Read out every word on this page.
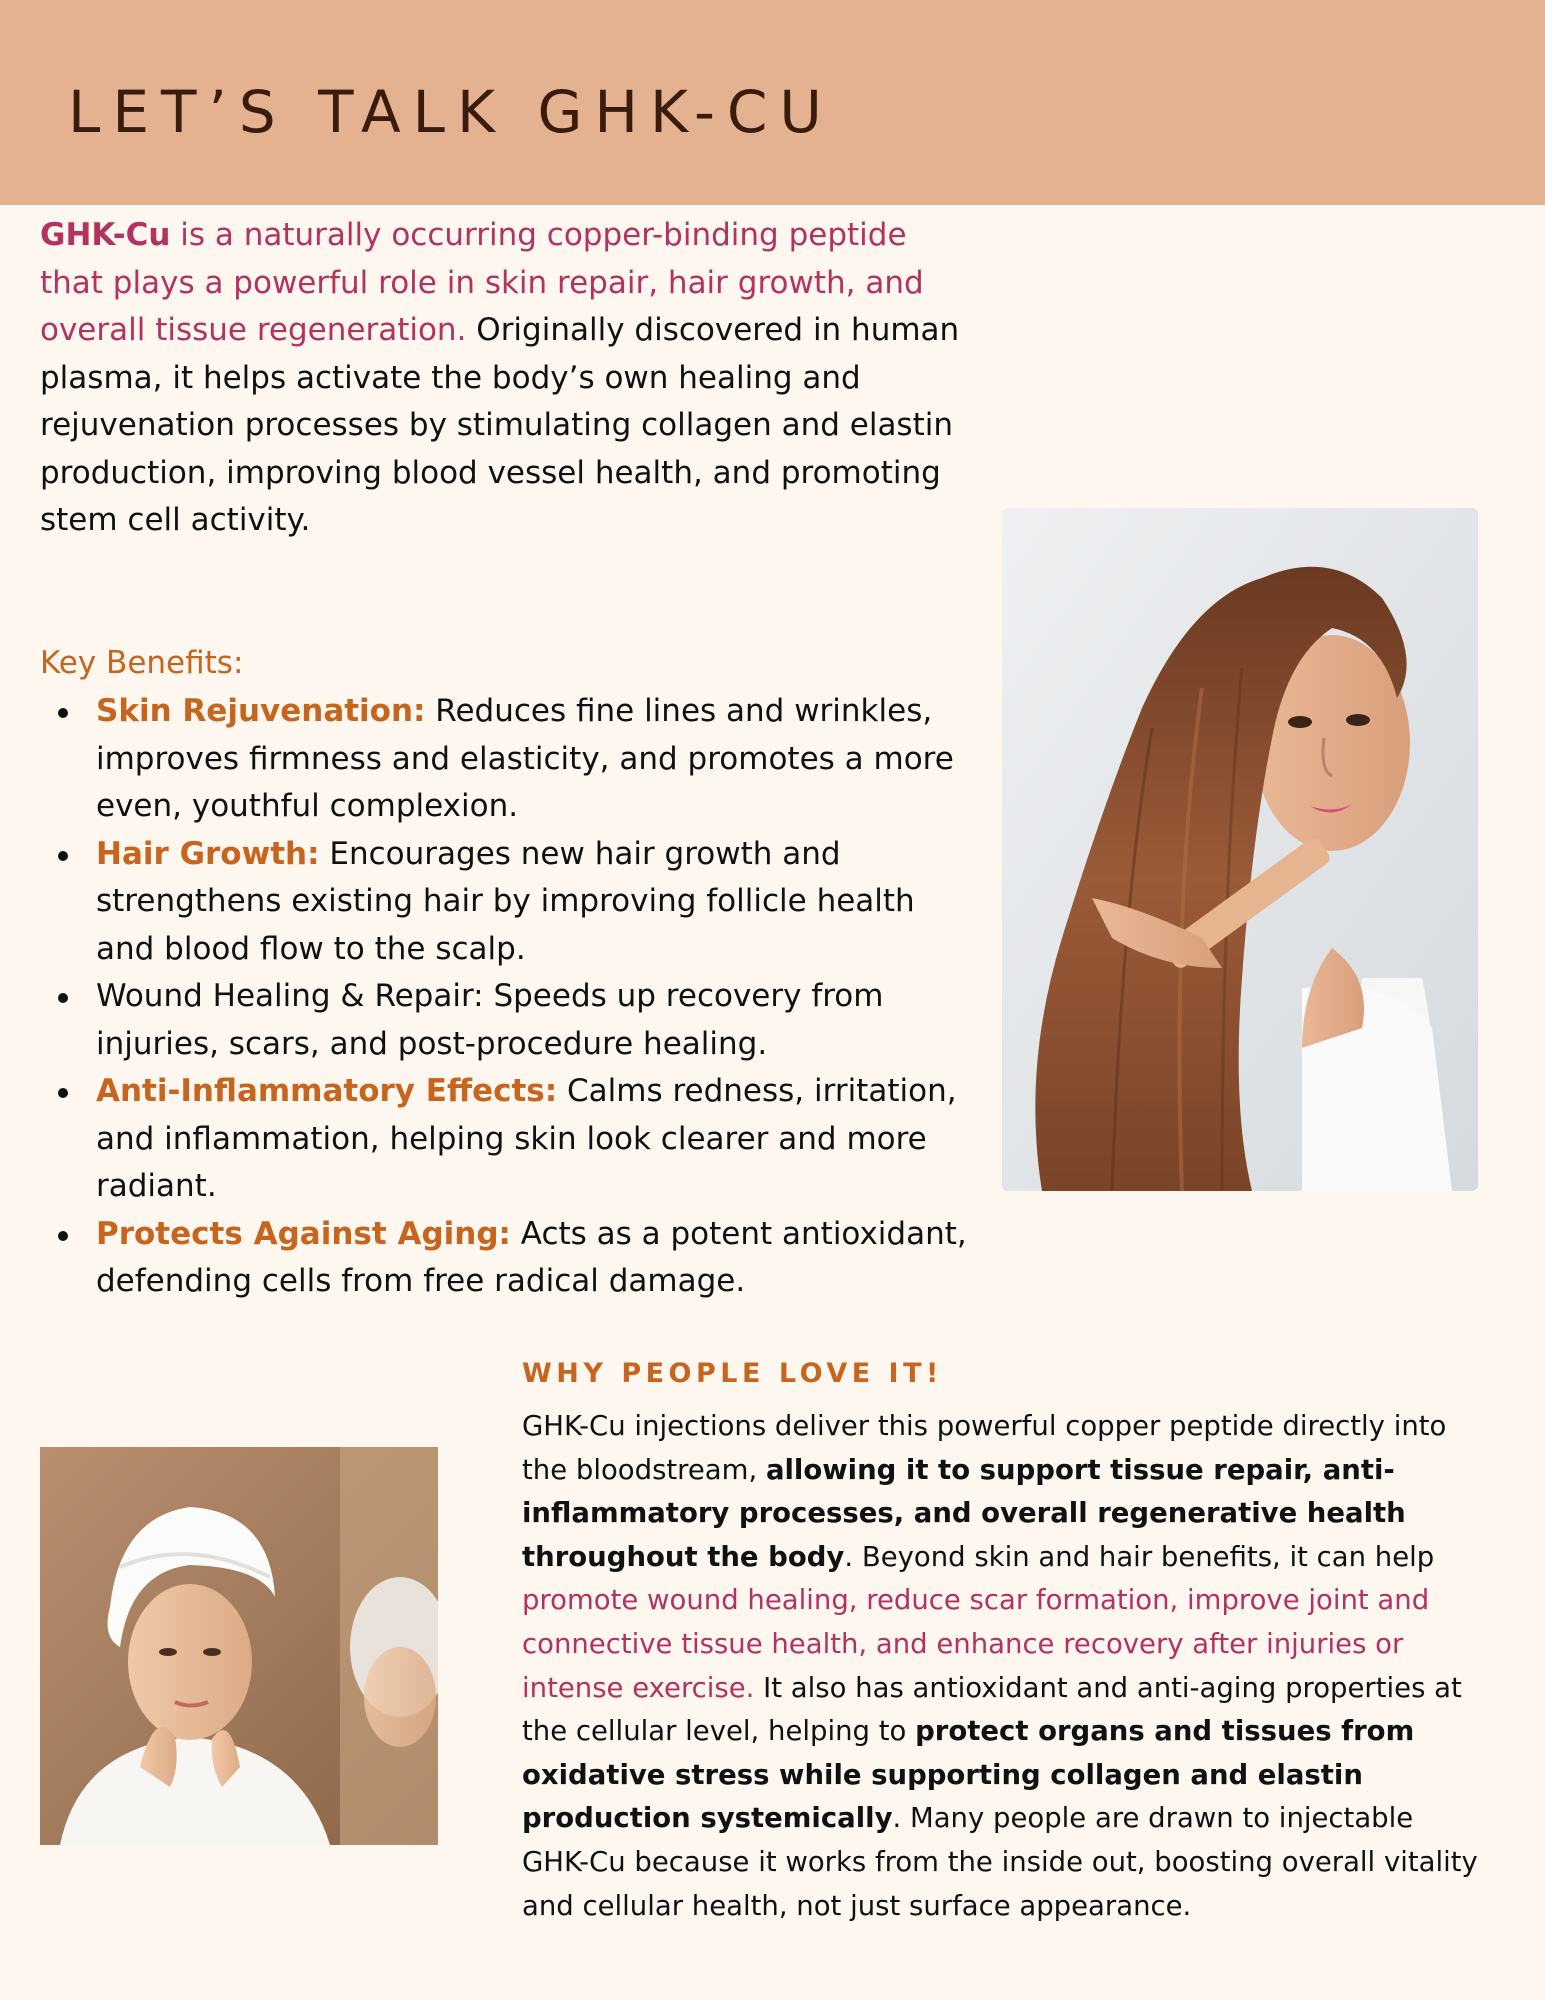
LET’S TALK GHK-CU

GHK-Cu is a naturally occurring copper-binding peptide that plays a powerful role in skin repair, hair growth, and overall tissue regeneration. Originally discovered in human plasma, it helps activate the body’s own healing and rejuvenation processes by stimulating collagen and elastin production, improving blood vessel health, and promoting stem cell activity.

Key Benefits:
Skin Rejuvenation: Reduces fine lines and wrinkles, improves firmness and elasticity, and promotes a more even, youthful complexion.
Hair Growth: Encourages new hair growth and strengthens existing hair by improving follicle health and blood flow to the scalp.
Wound Healing & Repair: Speeds up recovery from injuries, scars, and post-procedure healing.
Anti-Inflammatory Effects: Calms redness, irritation, and inflammation, helping skin look clearer and more radiant.
Protects Against Aging: Acts as a potent antioxidant, defending cells from free radical damage.
WHY PEOPLE LOVE IT!

GHK-Cu injections deliver this powerful copper peptide directly into the bloodstream, allowing it to support tissue repair, anti-inflammatory processes, and overall regenerative health throughout the body. Beyond skin and hair benefits, it can help promote wound healing, reduce scar formation, improve joint and connective tissue health, and enhance recovery after injuries or intense exercise. It also has antioxidant and anti-aging properties at the cellular level, helping to protect organs and tissues from oxidative stress while supporting collagen and elastin production systemically. Many people are drawn to injectable GHK-Cu because it works from the inside out, boosting overall vitality and cellular health, not just surface appearance.
